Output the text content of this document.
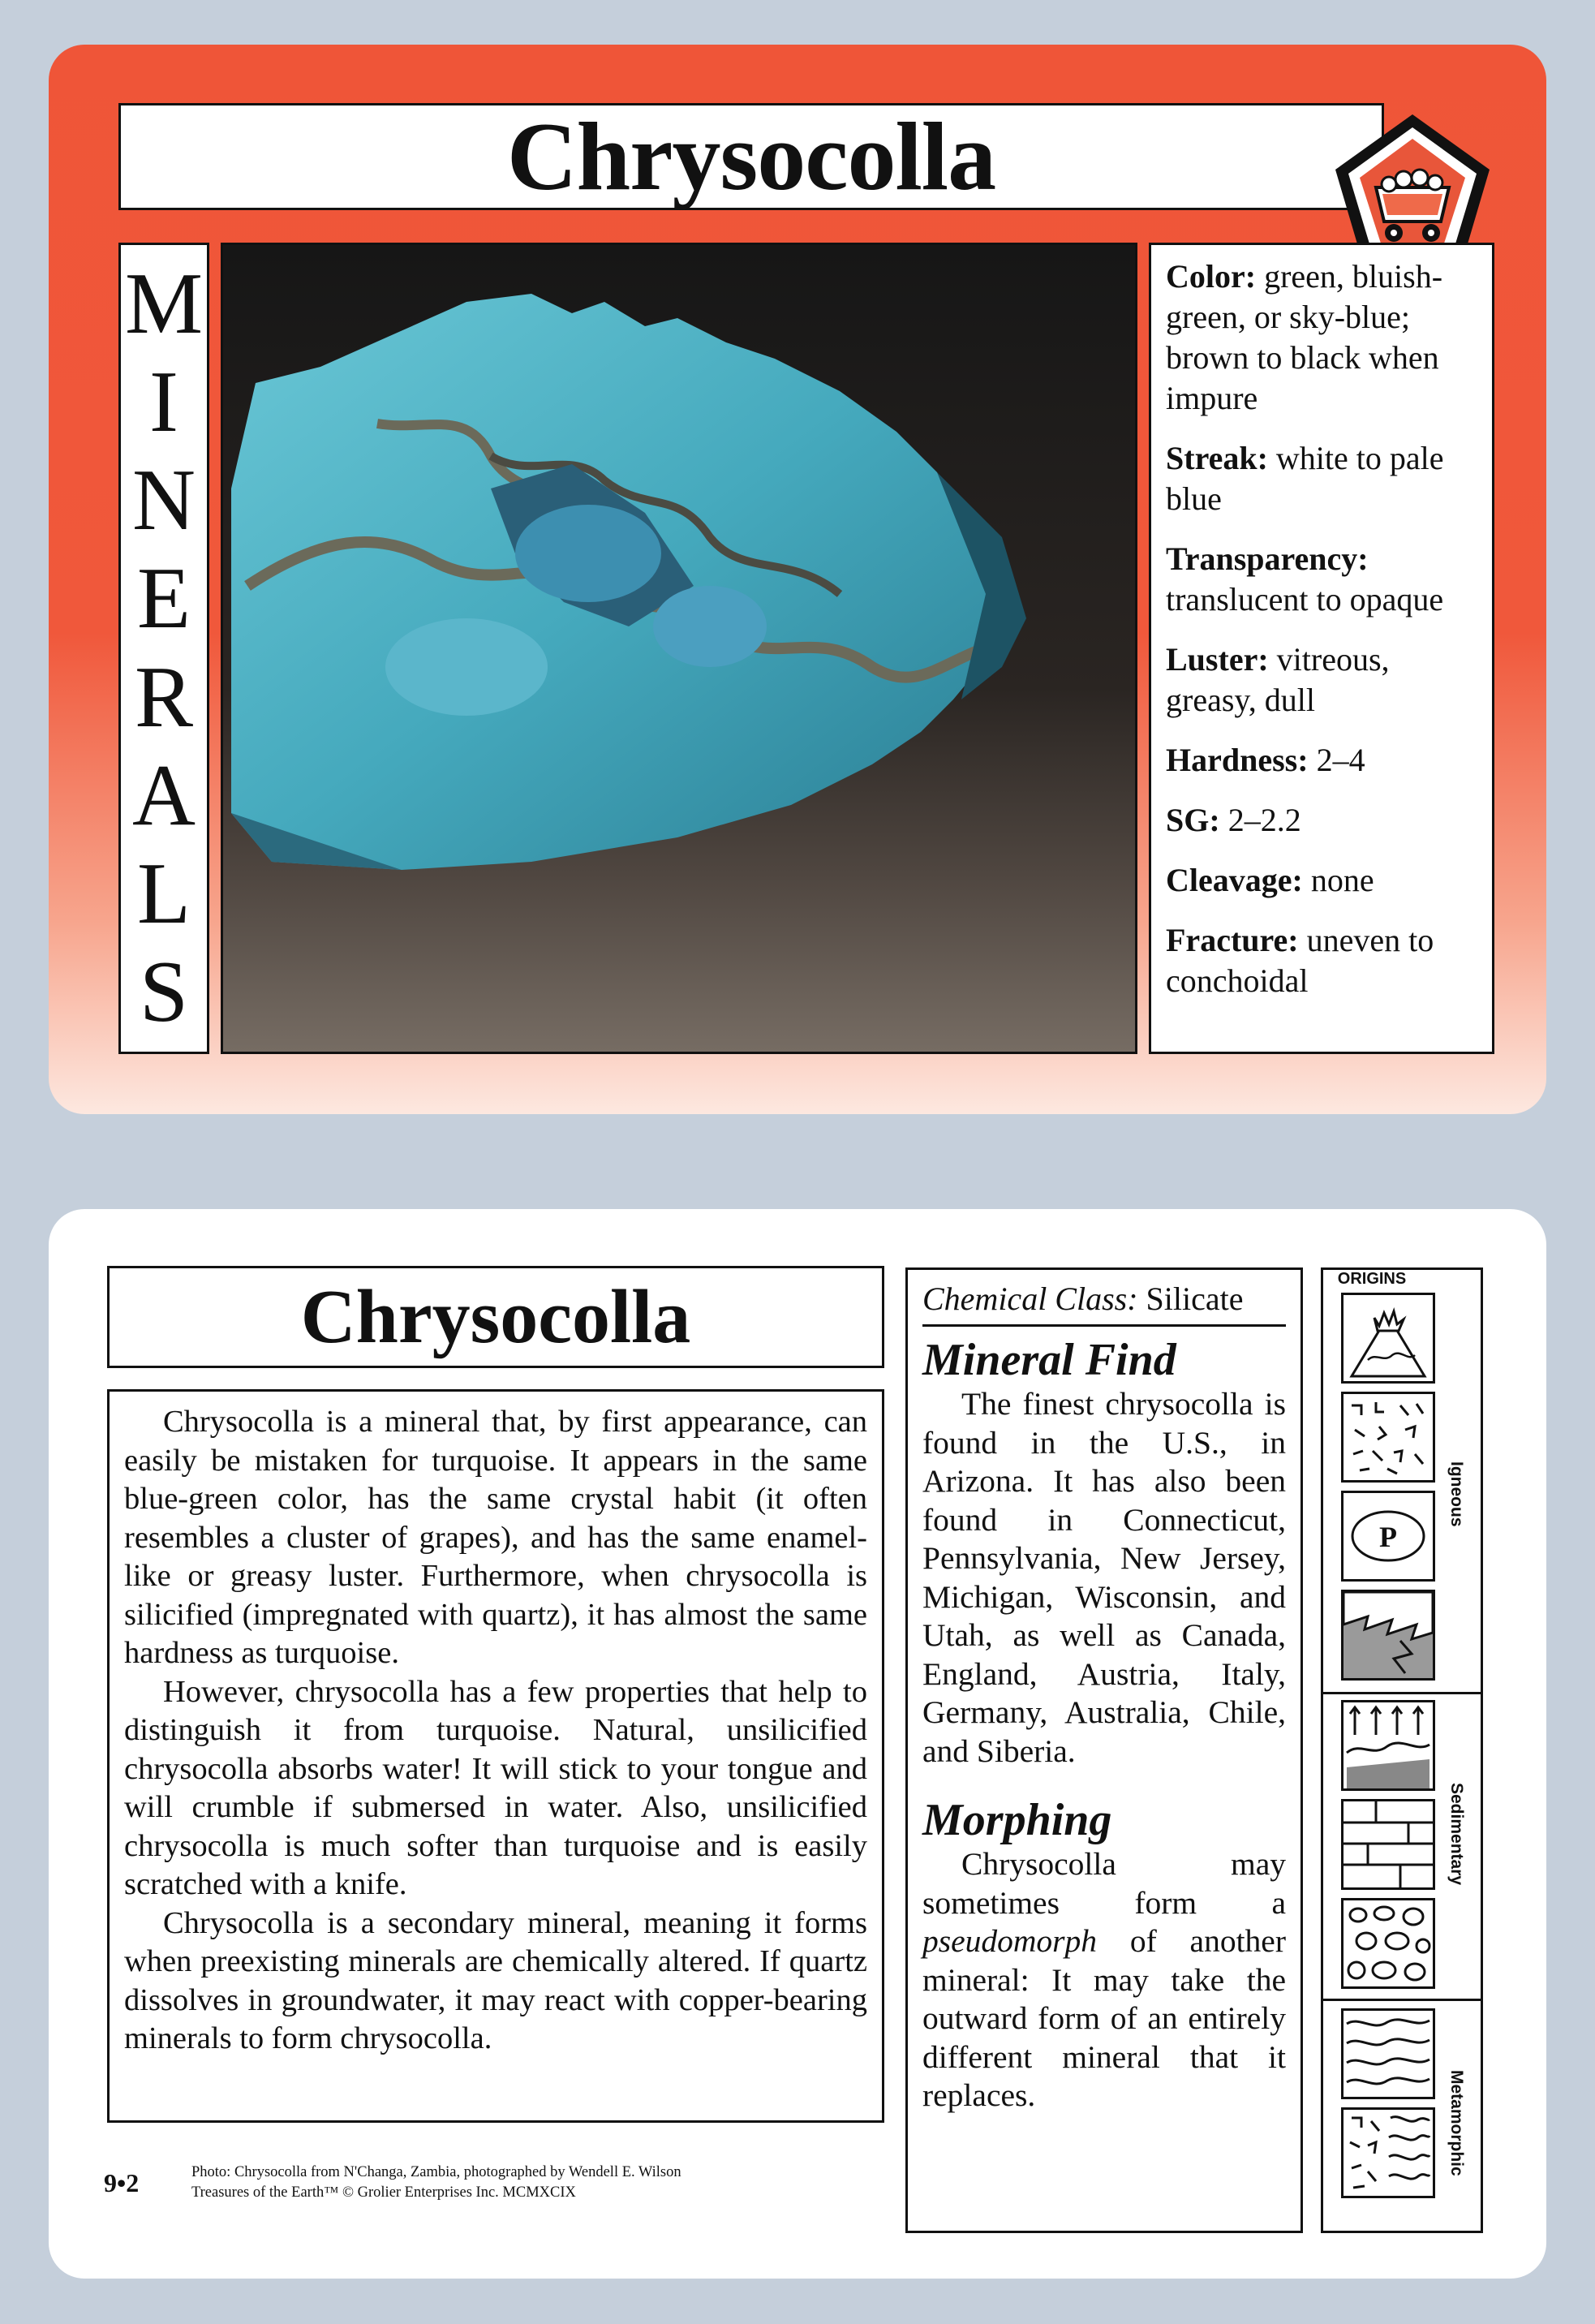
Chrysocolla
M
I
N
E
R
A
L
S
Color: green, bluish-green, or sky-blue; brown to black when impure
Streak: white to pale blue
Transparency: translucent to opaque
Luster: vitreous, greasy, dull
Hardness: 2–4
SG: 2–2.2
Cleavage: none
Fracture: uneven to conchoidal
Chrysocolla

Chrysocolla is a mineral that, by first appearance, can easily be mistaken for turquoise. It appears in the same blue-green color, has the same crystal habit (it often resembles a cluster of grapes), and has the same enamel-like or greasy luster. Furthermore, when chrysocolla is silicified (impregnated with quartz), it has almost the same hardness as turquoise.

However, chrysocolla has a few properties that help to distinguish it from turquoise. Natural, unsilicified chrysocolla absorbs water! It will stick to your tongue and will crumble if submersed in water. Also, unsilicified chrysocolla is much softer than turquoise and is easily scratched with a knife.

Chrysocolla is a secondary mineral, meaning it forms when preexisting minerals are chemically altered. If quartz dissolves in groundwater, it may react with copper-bearing minerals to form chrysocolla.

9•2	Photo: Chrysocolla from N'Changa, Zambia, photographed by Wendell E. Wilson
Treasures of the Earth™ © Grolier Enterprises Inc. MCMXCIX
Chemical Class: Silicate
Mineral Find

The finest chrysocolla is found in the U.S., in Arizona. It has also been found in Connecticut, Pennsylvania, New Jersey, Michigan, Wisconsin, and Utah, as well as Canada, England, Austria, Italy, Germany, Australia, Chile, and Siberia.

Morphing

Chrysocolla may sometimes form a pseudomorph of another mineral: It may take the outward form of an entirely different mineral that it replaces.

ORIGINS
P
Igneous
Sedimentary
Metamorphic
